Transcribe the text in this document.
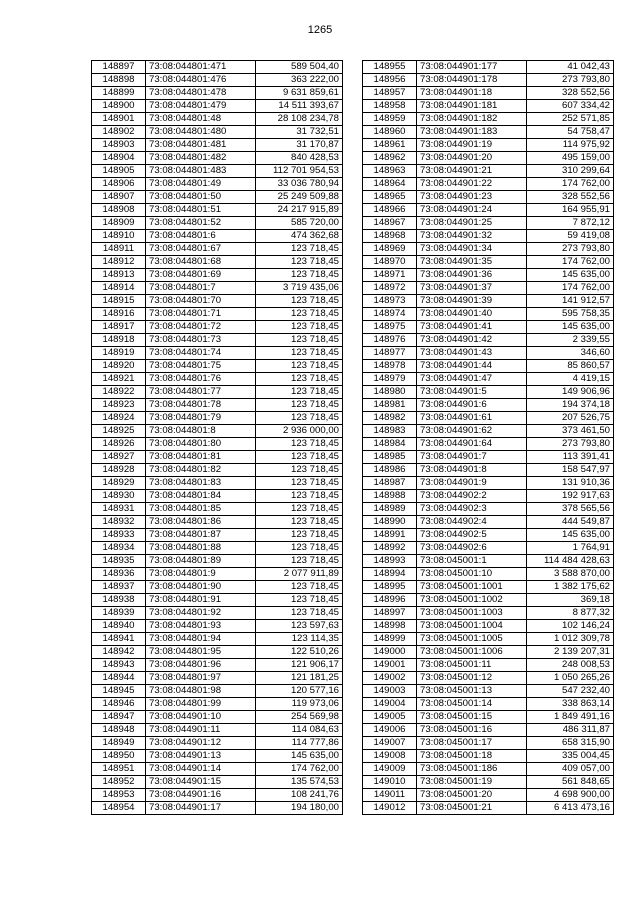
1265
148897	73:08:044801:471	589 504,40
148898	73:08:044801:476	363 222,00
148899	73:08:044801:478	9 631 859,61
148900	73:08:044801:479	14 511 393,67
148901	73:08:044801:48	28 108 234,78
148902	73:08:044801:480	31 732,51
148903	73:08:044801:481	31 170,87
148904	73:08:044801:482	840 428,53
148905	73:08:044801:483	112 701 954,53
148906	73:08:044801:49	33 036 780,94
148907	73:08:044801:50	25 249 509,88
148908	73:08:044801:51	24 217 915,89
148909	73:08:044801:52	585 720,00
148910	73:08:044801:6	474 362,68
148911	73:08:044801:67	123 718,45
148912	73:08:044801:68	123 718,45
148913	73:08:044801:69	123 718,45
148914	73:08:044801:7	3 719 435,06
148915	73:08:044801:70	123 718,45
148916	73:08:044801:71	123 718,45
148917	73:08:044801:72	123 718,45
148918	73:08:044801:73	123 718,45
148919	73:08:044801:74	123 718,45
148920	73:08:044801:75	123 718,45
148921	73:08:044801:76	123 718,45
148922	73:08:044801:77	123 718,45
148923	73:08:044801:78	123 718,45
148924	73:08:044801:79	123 718,45
148925	73:08:044801:8	2 936 000,00
148926	73:08:044801:80	123 718,45
148927	73:08:044801:81	123 718,45
148928	73:08:044801:82	123 718,45
148929	73:08:044801:83	123 718,45
148930	73:08:044801:84	123 718,45
148931	73:08:044801:85	123 718,45
148932	73:08:044801:86	123 718,45
148933	73:08:044801:87	123 718,45
148934	73:08:044801:88	123 718,45
148935	73:08:044801:89	123 718,45
148936	73:08:044801:9	2 077 911,89
148937	73:08:044801:90	123 718,45
148938	73:08:044801:91	123 718,45
148939	73:08:044801:92	123 718,45
148940	73:08:044801:93	123 597,63
148941	73:08:044801:94	123 114,35
148942	73:08:044801:95	122 510,26
148943	73:08:044801:96	121 906,17
148944	73:08:044801:97	121 181,25
148945	73:08:044801:98	120 577,16
148946	73:08:044801:99	119 973,06
148947	73:08:044901:10	254 569,98
148948	73:08:044901:11	114 084,63
148949	73:08:044901:12	114 777,86
148950	73:08:044901:13	145 635,00
148951	73:08:044901:14	174 762,00
148952	73:08:044901:15	135 574,53
148953	73:08:044901:16	108 241,76
148954	73:08:044901:17	194 180,00
148955	73:08:044901:177	41 042,43
148956	73:08:044901:178	273 793,80
148957	73:08:044901:18	328 552,56
148958	73:08:044901:181	607 334,42
148959	73:08:044901:182	252 571,85
148960	73:08:044901:183	54 758,47
148961	73:08:044901:19	114 975,92
148962	73:08:044901:20	495 159,00
148963	73:08:044901:21	310 299,64
148964	73:08:044901:22	174 762,00
148965	73:08:044901:23	328 552,56
148966	73:08:044901:24	164 955,91
148967	73:08:044901:25	7 872,12
148968	73:08:044901:32	59 419,08
148969	73:08:044901:34	273 793,80
148970	73:08:044901:35	174 762,00
148971	73:08:044901:36	145 635,00
148972	73:08:044901:37	174 762,00
148973	73:08:044901:39	141 912,57
148974	73:08:044901:40	595 758,35
148975	73:08:044901:41	145 635,00
148976	73:08:044901:42	2 339,55
148977	73:08:044901:43	346,60
148978	73:08:044901:44	85 860,57
148979	73:08:044901:47	4 419,15
148980	73:08:044901:5	149 906,96
148981	73:08:044901:6	194 374,18
148982	73:08:044901:61	207 526,75
148983	73:08:044901:62	373 461,50
148984	73:08:044901:64	273 793,80
148985	73:08:044901:7	113 391,41
148986	73:08:044901:8	158 547,97
148987	73:08:044901:9	131 910,36
148988	73:08:044902:2	192 917,63
148989	73:08:044902:3	378 565,56
148990	73:08:044902:4	444 549,87
148991	73:08:044902:5	145 635,00
148992	73:08:044902:6	1 764,91
148993	73:08:045001:1	114 484 428,63
148994	73:08:045001:10	3 588 870,00
148995	73:08:045001:1001	1 382 175,62
148996	73:08:045001:1002	369,18
148997	73:08:045001:1003	8 877,32
148998	73:08:045001:1004	102 146,24
148999	73:08:045001:1005	1 012 309,78
149000	73:08:045001:1006	2 139 207,31
149001	73:08:045001:11	248 008,53
149002	73:08:045001:12	1 050 265,26
149003	73:08:045001:13	547 232,40
149004	73:08:045001:14	338 863,14
149005	73:08:045001:15	1 849 491,16
149006	73:08:045001:16	486 311,87
149007	73:08:045001:17	658 315,90
149008	73:08:045001:18	335 004,45
149009	73:08:045001:186	409 057,00
149010	73:08:045001:19	561 848,65
149011	73:08:045001:20	4 698 900,00
149012	73:08:045001:21	6 413 473,16
